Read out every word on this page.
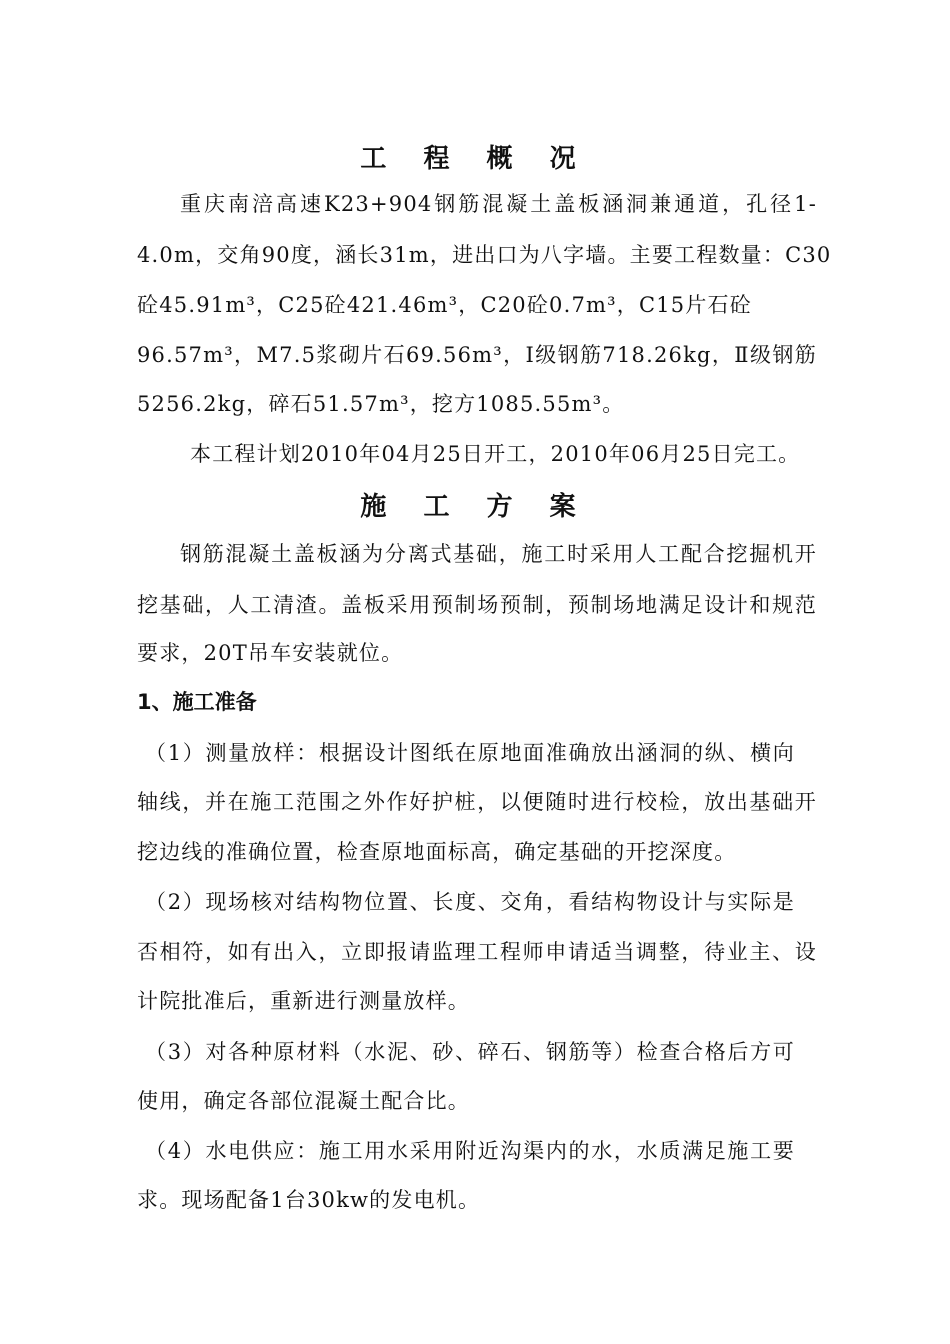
工 程 概 况
重庆南涪高速K23+904钢筋混凝土盖板涵洞兼通道，孔径1-
4.0m，交角90度，涵长31m，进出口为八字墙。主要工程数量：C30
砼45.91m³，C25砼421.46m³，C20砼0.7m³，C15片石砼
96.57m³，M7.5浆砌片石69.56m³，Ⅰ级钢筋718.26kg，Ⅱ级钢筋
5256.2kg，碎石51.57m³，挖方1085.55m³。
本工程计划2010年04月25日开工，2010年06月25日完工。
施 工 方 案
钢筋混凝土盖板涵为分离式基础，施工时采用人工配合挖掘机开
挖基础，人工清渣。盖板采用预制场预制，预制场地满足设计和规范
要求，20T吊车安装就位。
1、施工准备
（1）测量放样：根据设计图纸在原地面准确放出涵洞的纵、横向
轴线，并在施工范围之外作好护桩，以便随时进行校检，放出基础开
挖边线的准确位置，检查原地面标高，确定基础的开挖深度。
（2）现场核对结构物位置、长度、交角，看结构物设计与实际是
否相符，如有出入，立即报请监理工程师申请适当调整，待业主、设
计院批准后，重新进行测量放样。
（3）对各种原材料（水泥、砂、碎石、钢筋等）检查合格后方可
使用，确定各部位混凝土配合比。
（4）水电供应：施工用水采用附近沟渠内的水，水质满足施工要
求。现场配备1台30kw的发电机。
